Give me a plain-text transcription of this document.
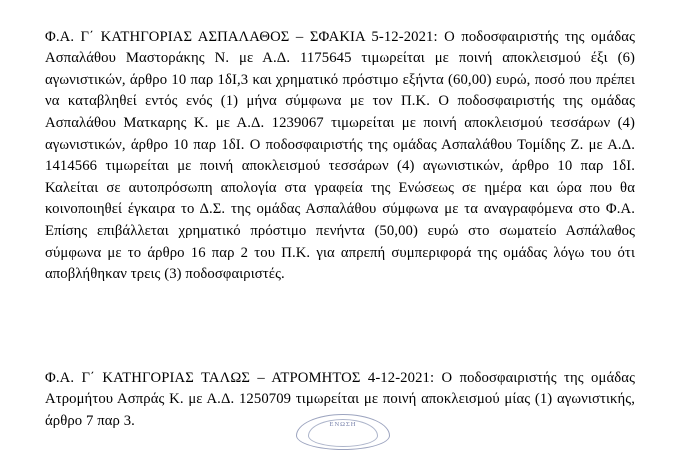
Φ.Α. Γ΄ ΚΑΤΗΓΟΡΙΑΣ ΑΣΠΑΛΑΘΟΣ – ΣΦΑΚΙΑ 5-12-2021: Ο ποδοσφαιριστής της ομάδας Ασπαλάθου Μαστοράκης Ν. με Α.Δ. 1175645 τιμωρείται με ποινή αποκλεισμού έξι (6) αγωνιστικών, άρθρο 10 παρ 1δΙ,3 και χρηματικό πρόστιμο εξήντα (60,00) ευρώ, ποσό που πρέπει να καταβληθεί εντός ενός (1) μήνα σύμφωνα με τον Π.Κ. Ο ποδοσφαιριστής της ομάδας Ασπαλάθου Ματκαρης Κ. με Α.Δ. 1239067 τιμωρείται με ποινή αποκλεισμού τεσσάρων (4) αγωνιστικών, άρθρο 10 παρ 1δΙ. Ο ποδοσφαιριστής της ομάδας Ασπαλάθου Τομίδης Ζ. με Α.Δ. 1414566 τιμωρείται με ποινή αποκλεισμού τεσσάρων (4) αγωνιστικών, άρθρο 10 παρ 1δΙ. Καλείται σε αυτοπρόσωπη απολογία στα γραφεία της Ενώσεως σε ημέρα και ώρα που θα κοινοποιηθεί έγκαιρα το Δ.Σ. της ομάδας Ασπαλάθου σύμφωνα με τα αναγραφόμενα στο Φ.Α. Επίσης επιβάλλεται χρηματικό πρόστιμο πενήντα (50,00) ευρώ στο σωματείο Ασπάλαθος σύμφωνα με το άρθρο 16 παρ 2 του Π.Κ. για απρεπή συμπεριφορά της ομάδας λόγω του ότι αποβλήθηκαν τρεις (3) ποδοσφαιριστές.

Φ.Α. Γ΄ ΚΑΤΗΓΟΡΙΑΣ ΤΑΛΩΣ – ΑΤΡΟΜΗΤΟΣ 4-12-2021: Ο ποδοσφαιριστής της ομάδας Ατρομήτου Ασπράς Κ. με Α.Δ. 1250709 τιμωρείται με ποινή αποκλεισμού μίας (1) αγωνιστικής, άρθρο 7 παρ 3.	ΕΝΩΣΗ
